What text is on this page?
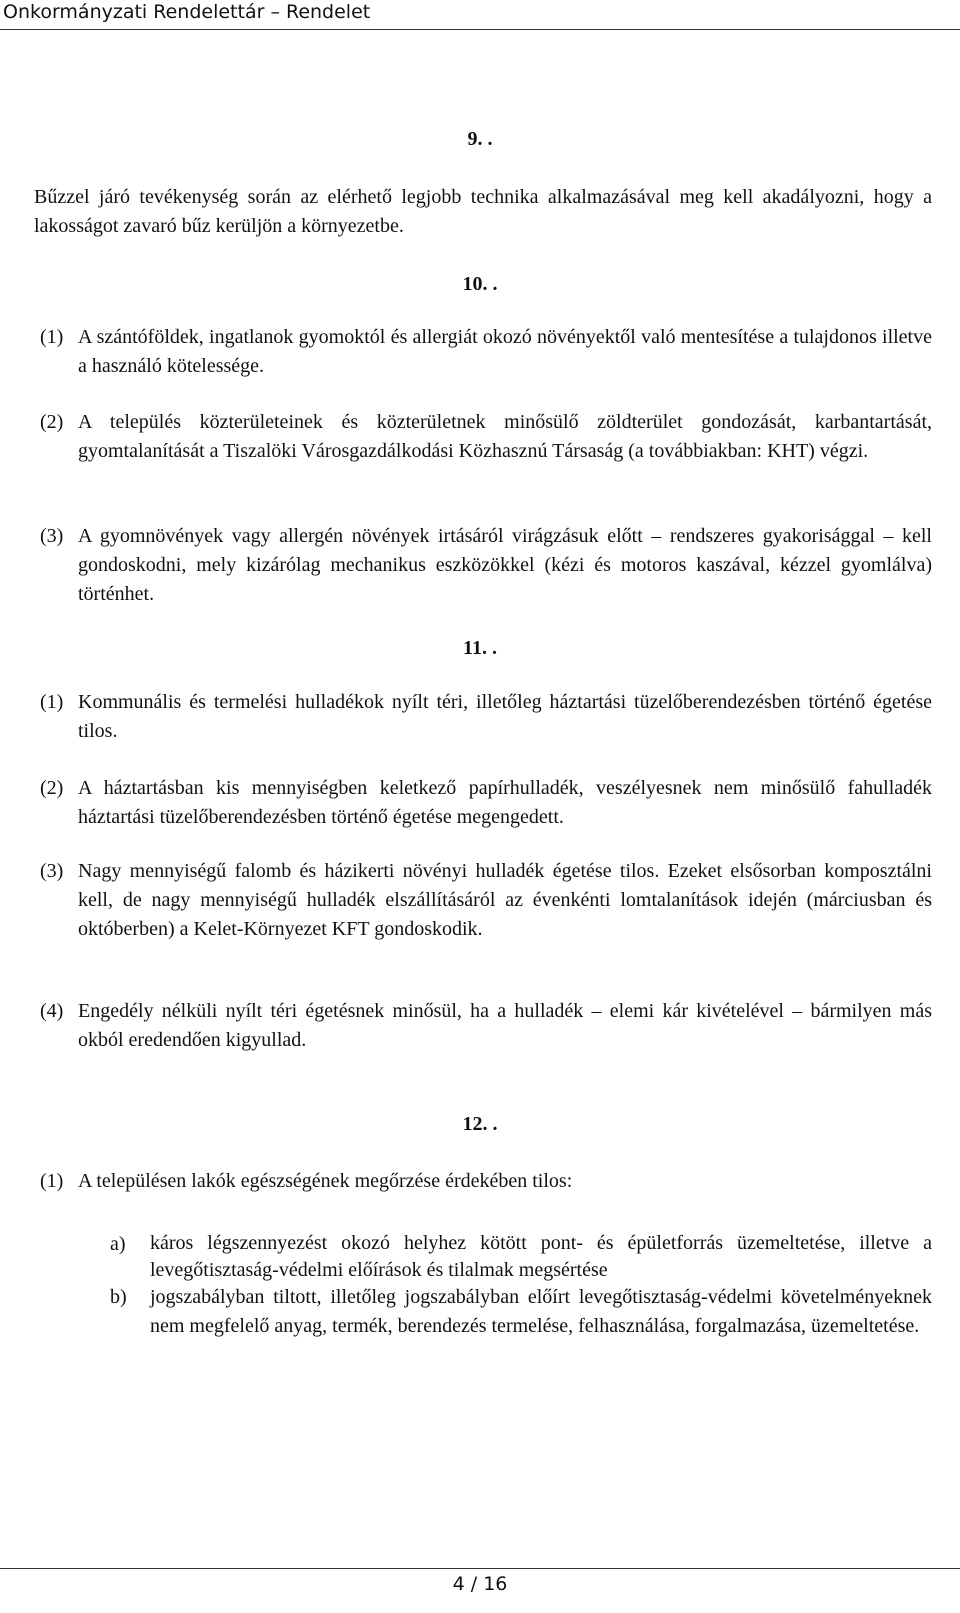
Onkormányzati Rendelettár – Rendelet
9. .
Bűzzel járó tevékenység során az elérhető legjobb technika alkalmazásával meg kell akadályozni, hogy a lakosságot zavaró bűz kerüljön a környezetbe.
10. .
(1) A szántóföldek, ingatlanok gyomoktól és allergiát okozó növényektől való mentesítése a tulajdonos illetve a használó kötelessége.
(2) A település közterületeinek és közterületnek minősülő zöldterület gondozását, karbantartását, gyomtalanítását a Tiszalöki Városgazdálkodási Közhasznú Társaság (a továbbiakban: KHT) végzi.
(3) A gyomnövények vagy allergén növények irtásáról virágzásuk előtt – rendszeres gyakorisággal – kell gondoskodni, mely kizárólag mechanikus eszközökkel (kézi és motoros kaszával, kézzel gyomlálva) történhet.
11. .
(1) Kommunális és termelési hulladékok nyílt téri, illetőleg háztartási tüzelőberendezésben történő égetése tilos.
(2) A háztartásban kis mennyiségben keletkező papírhulladék, veszélyesnek nem minősülő fahulladék háztartási tüzelőberendezésben történő égetése megengedett.
(3) Nagy mennyiségű falomb és házikerti növényi hulladék égetése tilos. Ezeket elsősorban komposztálni kell, de nagy mennyiségű hulladék elszállításáról az évenkénti lomtalanítások idején (márciusban és októberben) a Kelet-Környezet KFT gondoskodik.
(4) Engedély nélküli nyílt téri égetésnek minősül, ha a hulladék – elemi kár kivételével – bármilyen más okból eredendően kigyullad.
12. .
(1) A településen lakók egészségének megőrzése érdekében tilos:
a) káros légszennyezést okozó helyhez kötött pont- és épületforrás üzemeltetése, illetve a levegőtisztaság-védelmi előírások és tilalmak megsértése
b) jogszabályban tiltott, illetőleg jogszabályban előírt levegőtisztaság-védelmi követelményeknek nem megfelelő anyag, termék, berendezés termelése, felhasználása, forgalmazása, üzemeltetése.
4 / 16
